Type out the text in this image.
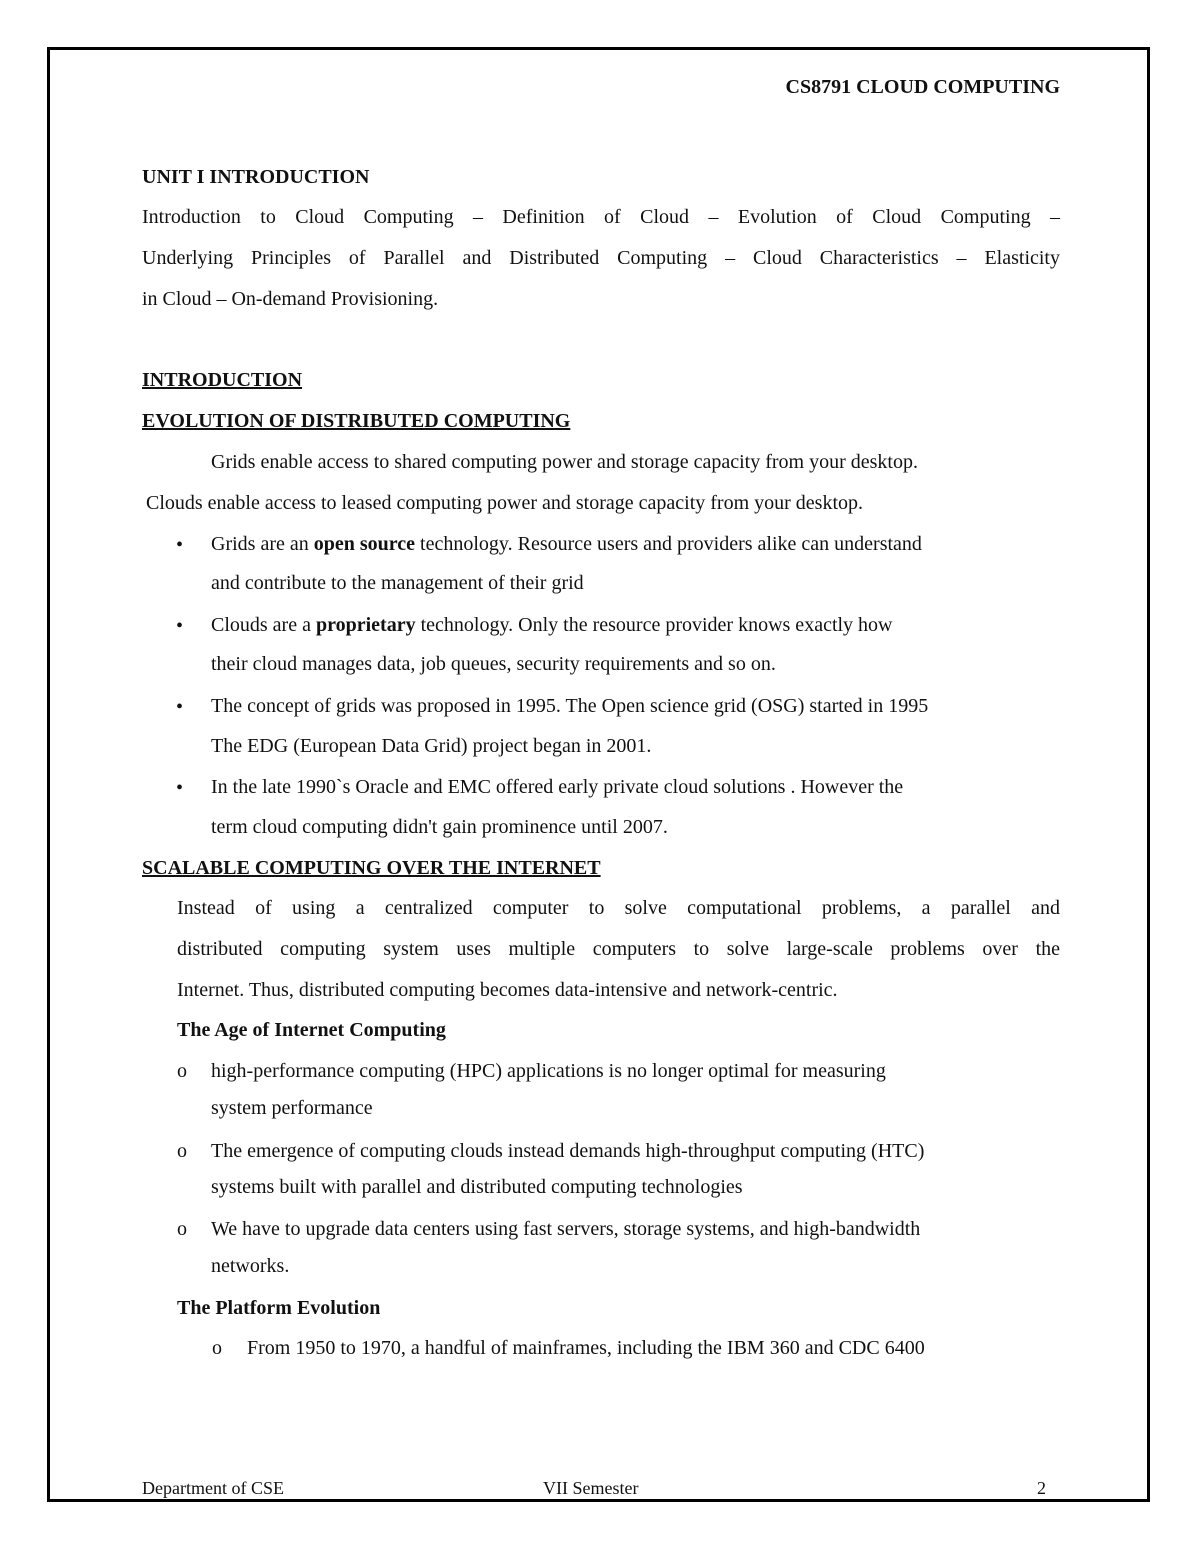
CS8791 CLOUD COMPUTING
UNIT I INTRODUCTION
Introduction to Cloud Computing – Definition of Cloud – Evolution of Cloud Computing –
Underlying Principles of Parallel and Distributed Computing – Cloud Characteristics – Elasticity
in Cloud – On-demand Provisioning.
INTRODUCTION
EVOLUTION OF DISTRIBUTED COMPUTING
Grids enable access to shared computing power and storage capacity from your desktop.
Clouds enable access to leased computing power and storage capacity from your desktop.
• Grids are an open source technology. Resource users and providers alike can understand
and contribute to the management of their grid
• Clouds are a proprietary technology. Only the resource provider knows exactly how
their cloud manages data, job queues, security requirements and so on.
• The concept of grids was proposed in 1995. The Open science grid (OSG) started in 1995
The EDG (European Data Grid) project began in 2001.
• In the late 1990`s Oracle and EMC offered early private cloud solutions . However the
term cloud computing didn't gain prominence until 2007.
SCALABLE COMPUTING OVER THE INTERNET
Instead of using a centralized computer to solve computational problems, a parallel and
distributed computing system uses multiple computers to solve large-scale problems over the
Internet. Thus, distributed computing becomes data-intensive and network-centric.
The Age of Internet Computing
o high-performance computing (HPC) applications is no longer optimal for measuring
system performance
o The emergence of computing clouds instead demands high-throughput computing (HTC)
systems built with parallel and distributed computing technologies
o We have to upgrade data centers using fast servers, storage systems, and high-bandwidth
networks.
The Platform Evolution
o From 1950 to 1970, a handful of mainframes, including the IBM 360 and CDC 6400
Department of CSE	VII Semester	2
